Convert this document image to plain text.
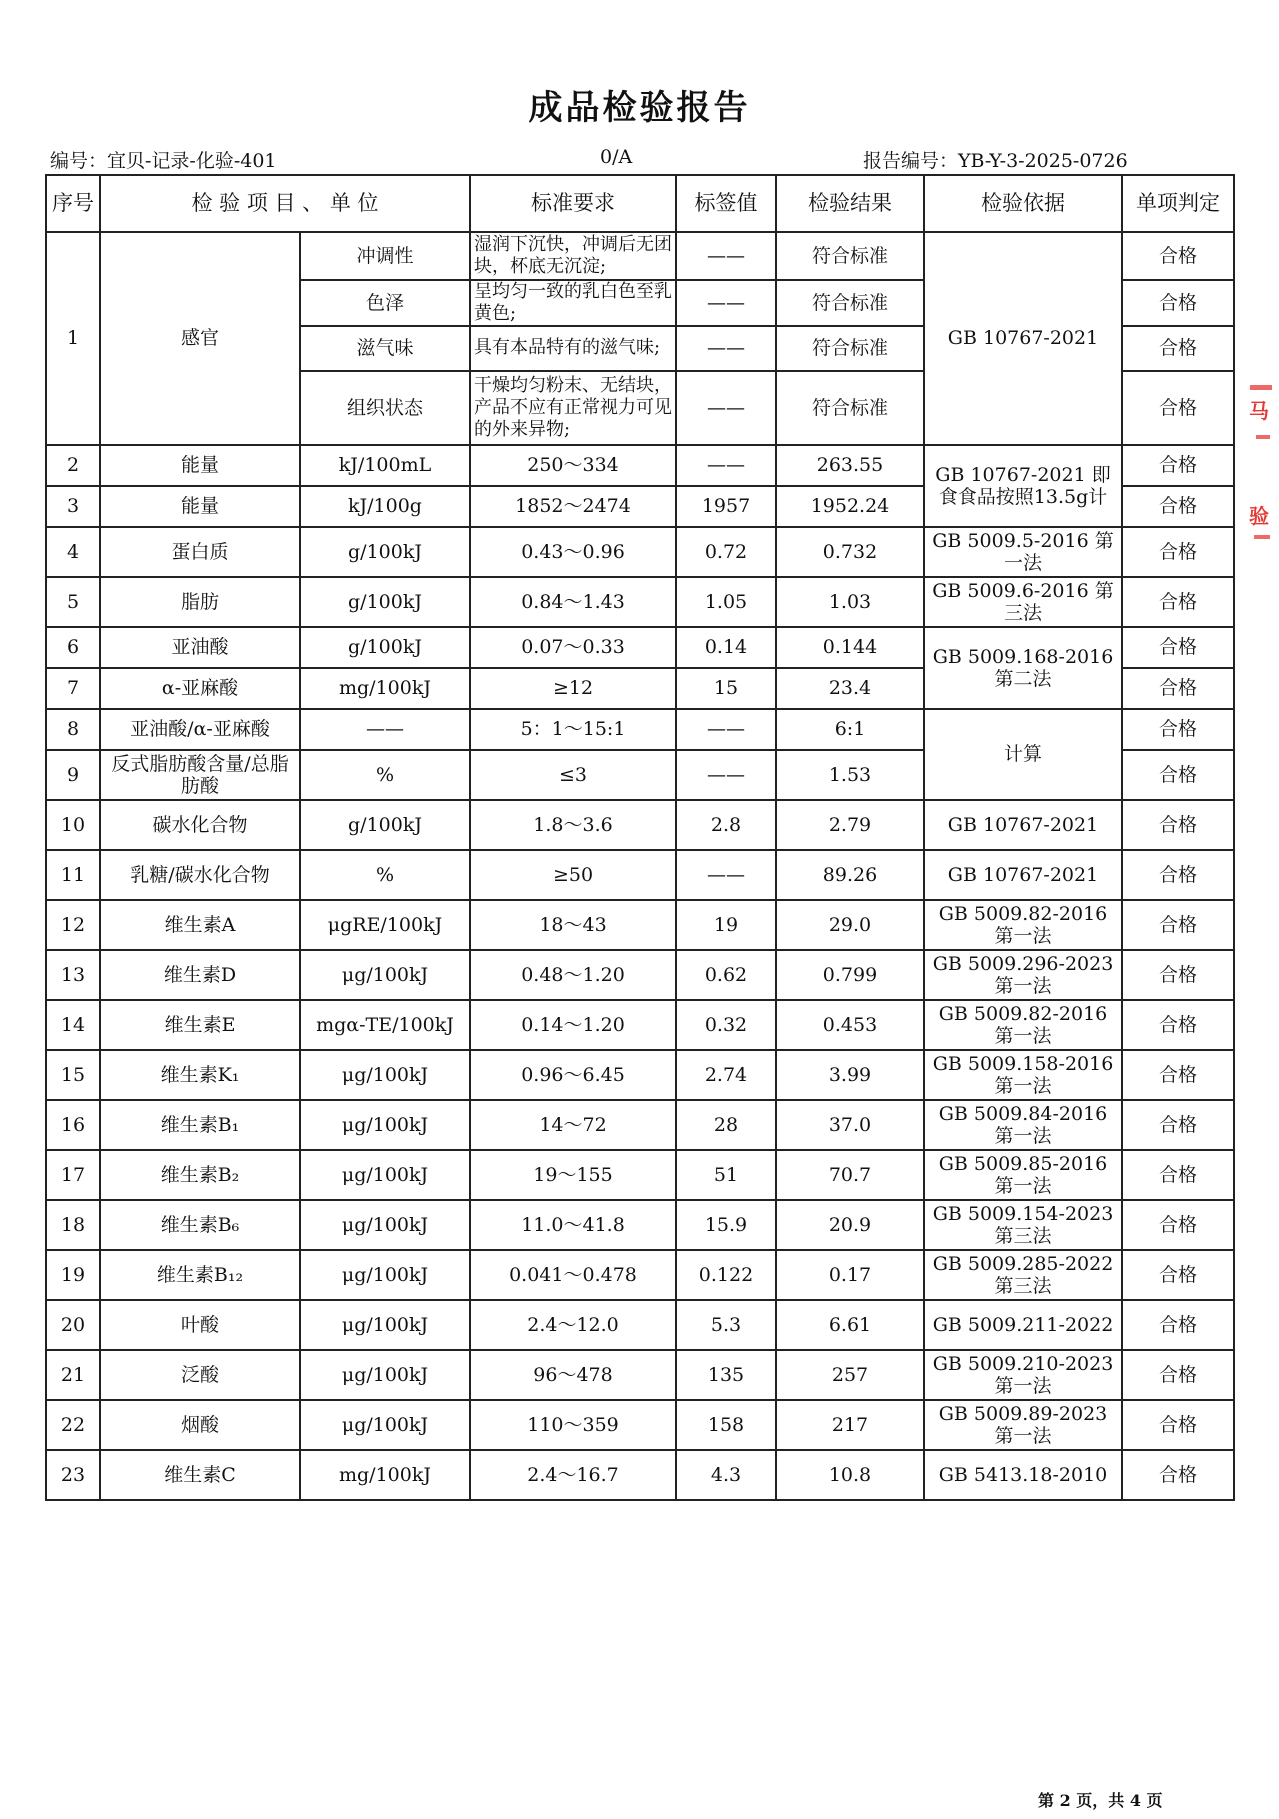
成品检验报告
编号：宜贝-记录-化验-401	0/A	报告编号：YB-Y-3-2025-0726
序号	检 验 项 目 、 单 位		标准要求	标签值	检验结果	检验依据	单项判定
1	感官	冲调性	湿润下沉快，冲调后无团块，杯底无沉淀;	——	符合标准	GB 10767-2021	合格
		色泽	呈均匀一致的乳白色至乳黄色;	——	符合标准		合格
		滋气味	具有本品特有的滋气味;	——	符合标准		合格
		组织状态	干燥均匀粉末、无结块，产品不应有正常视力可见的外来异物;	——	符合标准		合格
2	能量	kJ/100mL	250～334	——	263.55	GB 10767-2021 即食食品按照13.5g计	合格
3	能量	kJ/100g	1852～2474	1957	1952.24		合格
4	蛋白质	g/100kJ	0.43～0.96	0.72	0.732	GB 5009.5-2016 第一法	合格
5	脂肪	g/100kJ	0.84～1.43	1.05	1.03	GB 5009.6-2016 第三法	合格
6	亚油酸	g/100kJ	0.07～0.33	0.14	0.144	GB 5009.168-2016 第二法	合格
7	α-亚麻酸	mg/100kJ	≥12	15	23.4		合格
8	亚油酸/α-亚麻酸	——	5：1～15:1	——	6:1	计算	合格
9	反式脂肪酸含量/总脂肪酸	%	≤3	——	1.53		合格
10	碳水化合物	g/100kJ	1.8～3.6	2.8	2.79	GB 10767-2021	合格
11	乳糖/碳水化合物	%	≥50	——	89.26	GB 10767-2021	合格
12	维生素A	μgRE/100kJ	18～43	19	29.0	GB 5009.82-2016 第一法	合格
13	维生素D	μg/100kJ	0.48～1.20	0.62	0.799	GB 5009.296-2023 第一法	合格
14	维生素E	mgα-TE/100kJ	0.14～1.20	0.32	0.453	GB 5009.82-2016 第一法	合格
15	维生素K₁	μg/100kJ	0.96～6.45	2.74	3.99	GB 5009.158-2016 第一法	合格
16	维生素B₁	μg/100kJ	14～72	28	37.0	GB 5009.84-2016 第一法	合格
17	维生素B₂	μg/100kJ	19～155	51	70.7	GB 5009.85-2016 第一法	合格
18	维生素B₆	μg/100kJ	11.0～41.8	15.9	20.9	GB 5009.154-2023 第三法	合格
19	维生素B₁₂	μg/100kJ	0.041～0.478	0.122	0.17	GB 5009.285-2022 第三法	合格
20	叶酸	μg/100kJ	2.4～12.0	5.3	6.61	GB 5009.211-2022	合格
21	泛酸	μg/100kJ	96～478	135	257	GB 5009.210-2023 第一法	合格
22	烟酸	μg/100kJ	110～359	158	217	GB 5009.89-2023 第一法	合格
23	维生素C	mg/100kJ	2.4～16.7	4.3	10.8	GB 5413.18-2010	合格
马
验
第 2 页，共 4 页
